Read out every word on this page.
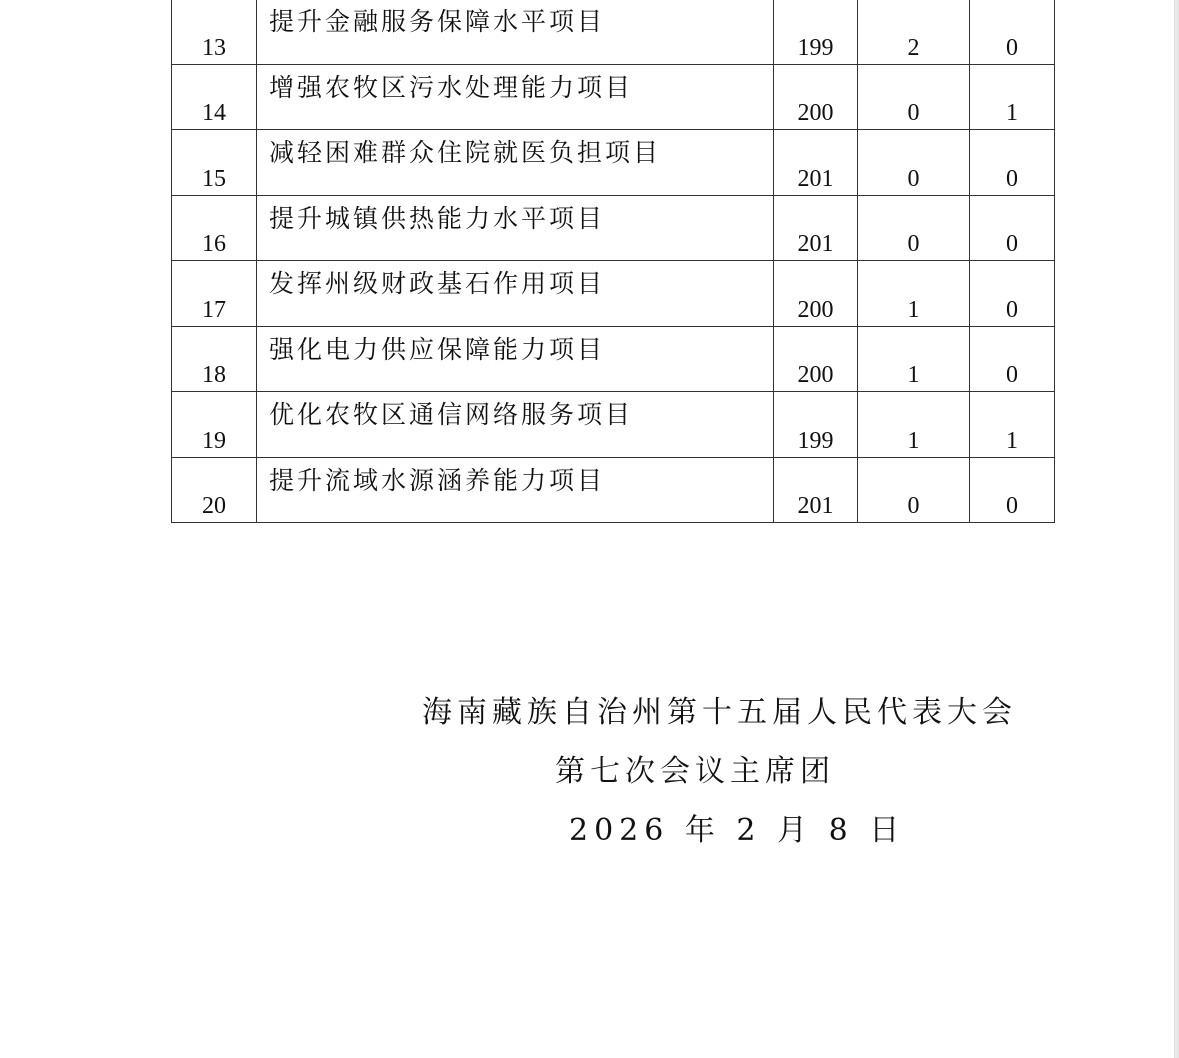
13	提升金融服务保障水平项目	199	2	0
14	增强农牧区污水处理能力项目	200	0	1
15	减轻困难群众住院就医负担项目	201	0	0
16	提升城镇供热能力水平项目	201	0	0
17	发挥州级财政基石作用项目	200	1	0
18	强化电力供应保障能力项目	200	1	0
19	优化农牧区通信网络服务项目	199	1	1
20	提升流域水源涵养能力项目	201	0	0
海南藏族自治州第十五届人民代表大会
第七次会议主席团
2026 年 2 月 8 日
